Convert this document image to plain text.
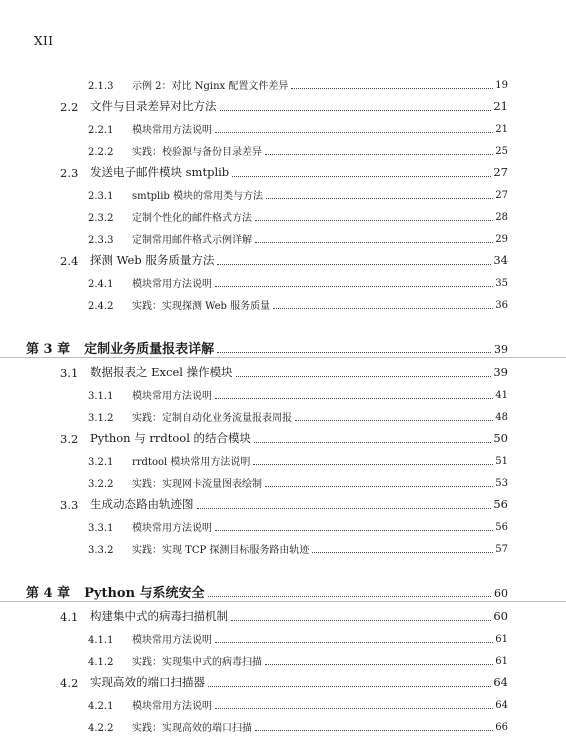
XII
2.1.3	示例 2：对比 Nginx 配置文件差异	19
2.2	文件与目录差异对比方法	21
2.2.1	模块常用方法说明	21
2.2.2	实践：校验源与备份目录差异	25
2.3	发送电子邮件模块 smtplib	27
2.3.1	smtplib 模块的常用类与方法	27
2.3.2	定制个性化的邮件格式方法	28
2.3.3	定制常用邮件格式示例详解	29
2.4	探测 Web 服务质量方法	34
2.4.1	模块常用方法说明	35
2.4.2	实践：实现探测 Web 服务质量	36
第 3 章 定制业务质量报表详解	39
3.1	数据报表之 Excel 操作模块	39
3.1.1	模块常用方法说明	41
3.1.2	实践：定制自动化业务流量报表周报	48
3.2	Python 与 rrdtool 的结合模块	50
3.2.1	rrdtool 模块常用方法说明	51
3.2.2	实践：实现网卡流量图表绘制	53
3.3	生成动态路由轨迹图	56
3.3.1	模块常用方法说明	56
3.3.2	实践：实现 TCP 探测目标服务路由轨迹	57
第 4 章 Python 与系统安全	60
4.1	构建集中式的病毒扫描机制	60
4.1.1	模块常用方法说明	61
4.1.2	实践：实现集中式的病毒扫描	61
4.2	实现高效的端口扫描器	64
4.2.1	模块常用方法说明	64
4.2.2	实践：实现高效的端口扫描	66
